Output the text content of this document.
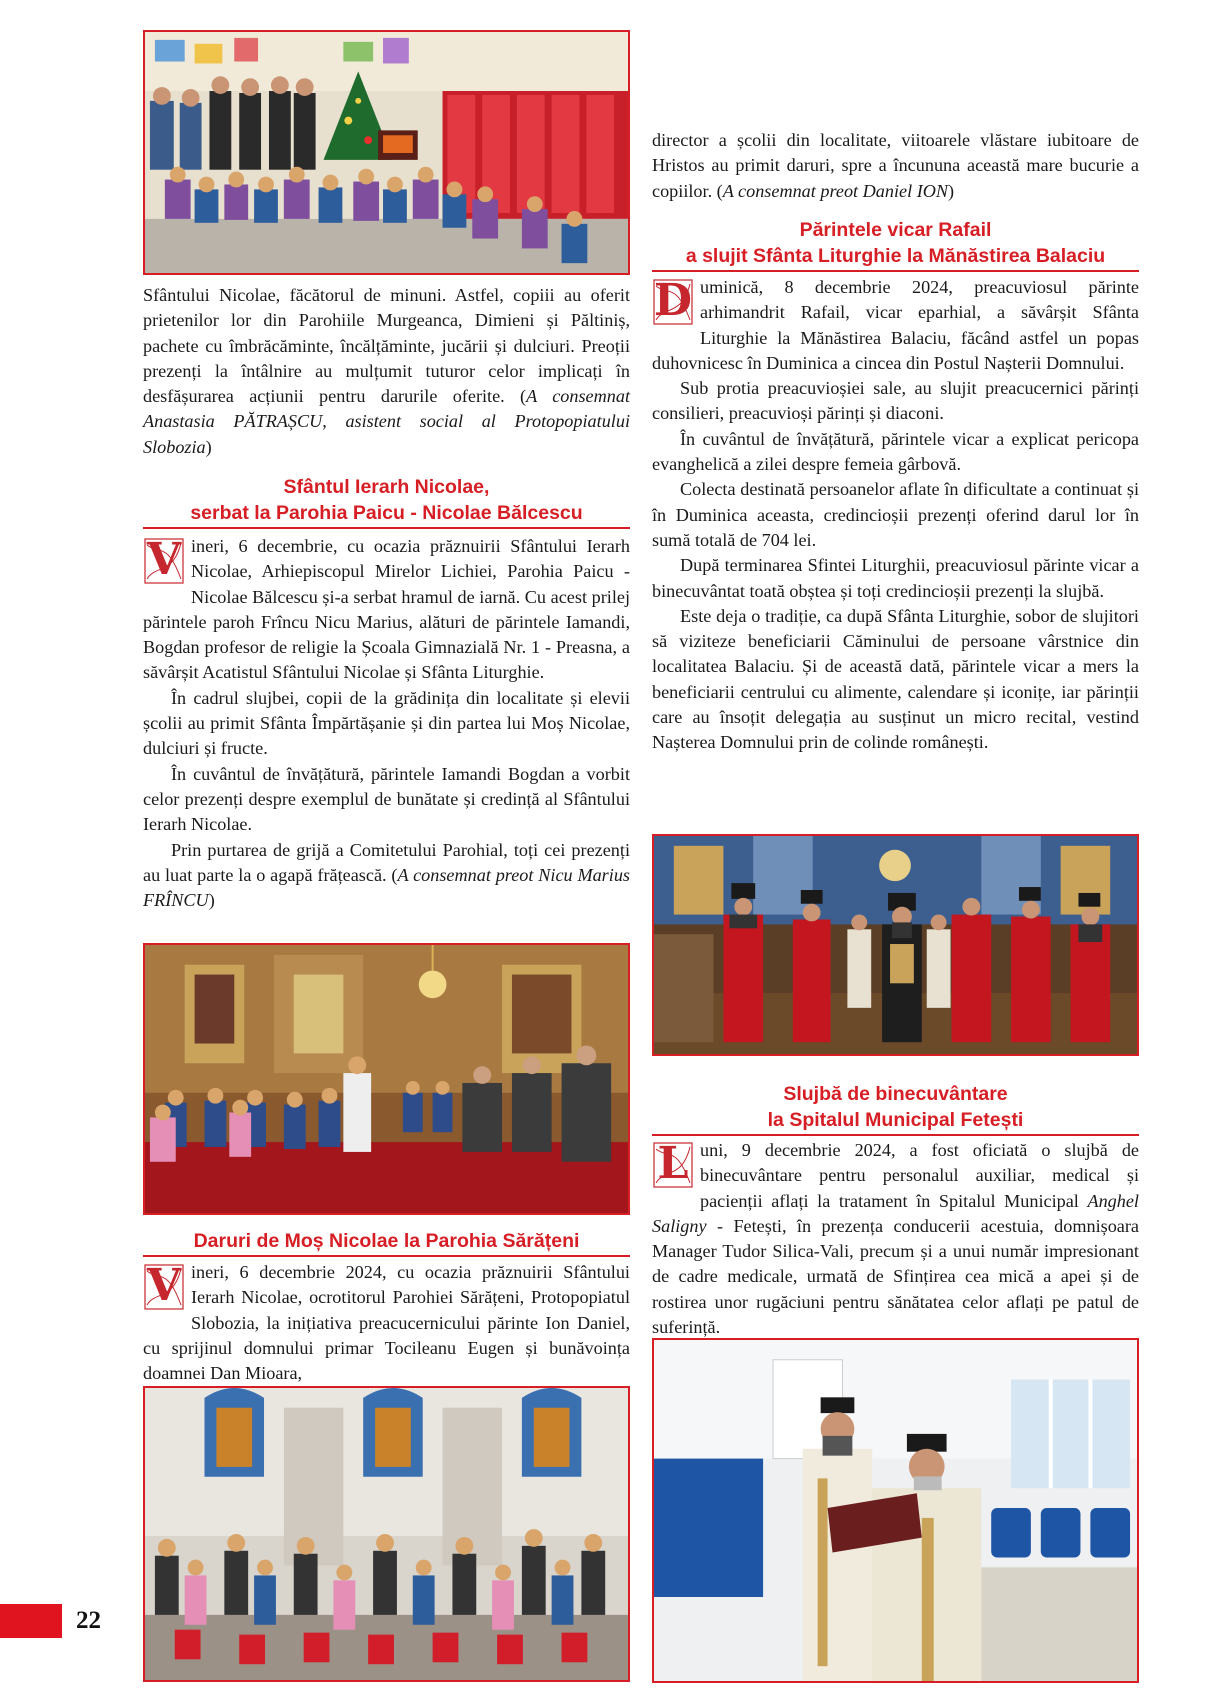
Sfântului Nicolae, făcătorul de minuni. Astfel, copiii au oferit prietenilor lor din Parohiile Murgeanca, Dimieni și Păltiniș, pachete cu îmbrăcăminte, încălțăminte, jucării și dulciuri. Preoții prezenți la întâlnire au mulțumit tuturor celor implicați în desfășurarea acțiunii pentru darurile oferite. (A consemnat Anastasia PĂTRAȘCU, asistent social al Protopopiatului Slobozia)

Sfântul Ierarh Nicolae,
serbat la Parohia Paicu - Nicolae Bălcescu

V ineri, 6 decembrie, cu ocazia prăznuirii Sfântului Ierarh Nicolae, Arhiepiscopul Mirelor Lichiei, Parohia Paicu - Nicolae Bălcescu și-a serbat hramul de iarnă. Cu acest prilej părintele paroh Frîncu Nicu Marius, alături de părintele Iamandi, Bogdan profesor de religie la Școala Gimnazială Nr. 1 - Preasna, a săvârșit Acatistul Sfântului Nicolae și Sfânta Liturghie.

În cadrul slujbei, copii de la grădinița din localitate și elevii școlii au primit Sfânta Împărtășanie și din partea lui Moș Nicolae, dulciuri și fructe.

În cuvântul de învățătură, părintele Iamandi Bogdan a vorbit celor prezenți despre exemplul de bunătate și credință al Sfântului Ierarh Nicolae.

Prin purtarea de grijă a Comitetului Parohial, toți cei prezenți au luat parte la o agapă frățească. (A consemnat preot Nicu Marius FRÎNCU)

Daruri de Moș Nicolae la Parohia Sărățeni

V ineri, 6 decembrie 2024, cu ocazia prăznuirii Sfântului Ierarh Nicolae, ocrotitorul Parohiei Sărățeni, Protopopiatul Slobozia, la inițiativa preacucernicului părinte Ion Daniel, cu sprijinul domnului primar Tocileanu Eugen și bunăvoința doamnei Dan Mioara,

director a școlii din localitate, viitoarele vlăstare iubitoare de Hristos au primit daruri, spre a încununa această mare bucurie a copiilor. (A consemnat preot Daniel ION)

Părintele vicar Rafail
a slujit Sfânta Liturghie la Mănăstirea Balaciu

D uminică, 8 decembrie 2024, preacuviosul părinte arhimandrit Rafail, vicar eparhial, a săvârșit Sfânta Liturghie la Mănăstirea Balaciu, făcând astfel un popas duhovnicesc în Duminica a cincea din Postul Nașterii Domnului.

Sub protia preacuvioșiei sale, au slujit preacucernici părinți consilieri, preacuvioși părinți și diaconi.

În cuvântul de învățătură, părintele vicar a explicat pericopa evanghelică a zilei despre femeia gârbovă.

Colecta destinată persoanelor aflate în dificultate a continuat și în Duminica aceasta, credincioșii prezenți oferind darul lor în sumă totală de 704 lei.

După terminarea Sfintei Liturghii, preacuviosul părinte vicar a binecuvântat toată obștea și toți credincioșii prezenți la slujbă.

Este deja o tradiție, ca după Sfânta Liturghie, sobor de slujitori să viziteze beneficiarii Căminului de persoane vârstnice din localitatea Balaciu. Și de această dată, părintele vicar a mers la beneficiarii centrului cu alimente, calendare și iconițe, iar părinții care au însoțit delegația au susținut un micro recital, vestind Nașterea Domnului prin de colinde românești.

Slujbă de binecuvântare
la Spitalul Municipal Fetești

L uni, 9 decembrie 2024, a fost oficiată o slujbă de binecuvântare pentru personalul auxiliar, medical și pacienții aflați la tratament în Spitalul Municipal Anghel Saligny - Fetești, în prezența conducerii acestuia, domnișoara Manager Tudor Silica-Vali, precum și a unui număr impresionant de cadre medicale, urmată de Sfințirea cea mică a apei și de rostirea unor rugăciuni pentru sănătatea celor aflați pe patul de suferință.

22
